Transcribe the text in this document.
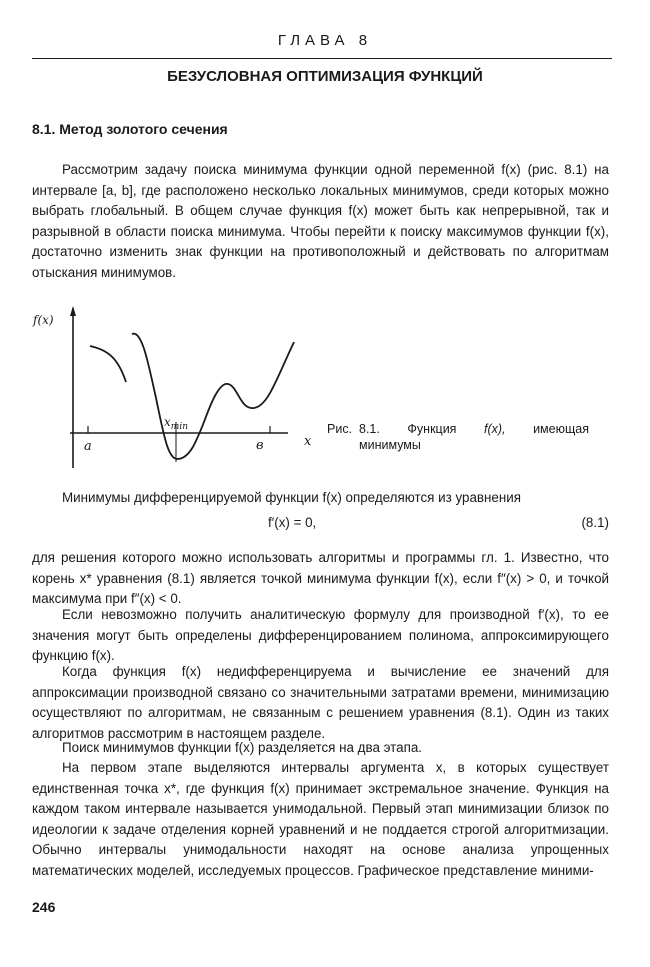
ГЛАВА 8
БЕЗУСЛОВНАЯ ОПТИМИЗАЦИЯ ФУНКЦИЙ
8.1. Метод золотого сечения

Рассмотрим задачу поиска минимума функции одной переменной f(x) (рис. 8.1) на интервале [a, b], где расположено несколько локальных минимумов, среди которых можно выбрать глобальный. В общем случае функция f(x) может быть как непрерывной, так и разрывной в области поиска минимума. Чтобы перейти к поиску максимумов функции f(x), достаточно изменить знак функции на противоположный и действовать по алгоритмам отыскания минимумов.

f(x)
x
a	в
$x_{min}$	Рис. 8.1. Функция f(x), имеющая
минимумы

Минимумы дифференцируемой функции f(x) определяются из уравнения

f′(x) = 0,	(8.1)

для решения которого можно использовать алгоритмы и программы гл. 1. Известно, что корень x* уравнения (8.1) является точкой минимума функции f(x), если f″(x) > 0, и точкой максимума при f″(x) < 0.

Если невозможно получить аналитическую формулу для производной f′(x), то ее значения могут быть определены дифференцированием полинома, аппроксимирующего функцию f(x).

Когда функция f(x) недифференцируема и вычисление ее значений для аппроксимации производной связано со значительными затратами времени, минимизацию осуществляют по алгоритмам, не связанным с решением уравнения (8.1). Один из таких алгоритмов рассмотрим в настоящем разделе.

Поиск минимумов функции f(x) разделяется на два этапа.

На первом этапе выделяются интервалы аргумента x, в которых существует единственная точка x*, где функция f(x) принимает экстремальное значение. Функция на каждом таком интервале называется унимодальной. Первый этап минимизации близок по идеологии к задаче отделения корней уравнений и не поддается строгой алгоритмизации. Обычно интервалы унимодальности находят на основе анализа упрощенных математических моделей, исследуемых процессов. Графическое представление миними-

246
